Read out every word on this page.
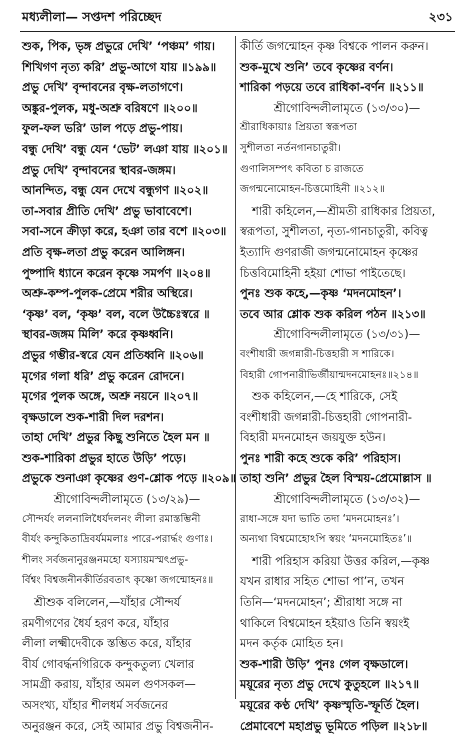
মধ্যলীলা— সপ্তদশ পরিচ্ছেদ	২৩১
শুক, পিক, ভৃঙ্গ প্রভুরে দেখি’ ‘পঞ্চম’ গায়।
শিখিগণ নৃত্য করি’ প্রভু-আগে যায় ॥১৯৯॥
প্রভু দেখি’ বৃন্দাবনের বৃক্ষ-লতাগণে।
অঙ্কুর-পুলক, মধু-অশ্রু বরিষণে ॥২০০॥
ফুল-ফল ভরি’ ডাল পড়ে প্রভু-পায়।
বন্ধু দেখি’ বন্ধু যেন ‘ভেট’ লঞা যায় ॥২০১॥
প্রভু দেখি’ বৃন্দাবনের স্থাবর-জঙ্গম।
আনন্দিত, বন্ধু যেন দেখে বন্ধুগণ ॥২০২॥
তা-সবার প্রীতি দেখি’ প্রভু ভাবাবেশে।
সবা-সনে ক্রীড়া করে, হঞা তার বশে ॥২০৩॥
প্রতি বৃক্ষ-লতা প্রভু করেন আলিঙ্গন।
পুষ্পাদি ধ্যানে করেন কৃষ্ণে সমর্পণ ॥২০৪॥
অশ্রু-কম্প-পুলক-প্রেমে শরীর অস্থিরে।
‘কৃষ্ণ’ বল, ‘কৃষ্ণ’ বল, বলে উচ্চৈঃস্বরে ॥
স্থাবর-জঙ্গম মিলি’ করে কৃষ্ণধ্বনি।
প্রভুর গম্ভীর-স্বরে যেন প্রতিধ্বনি ॥২০৬॥
মৃগের গলা ধরি’ প্রভু করেন রোদনে।
মৃগের পুলক অঙ্গে, অশ্রু নয়নে ॥২০৭॥
বৃক্ষডালে শুক-শারী দিল দরশন।
তাহা দেখি’ প্রভুর কিছু শুনিতে হৈল মন ॥
শুক-শারিকা প্রভুর হাতে উড়ি’ পড়ে।
প্রভুকে শুনাঞা কৃষ্ণের গুণ-শ্লোক পড়ে ॥২০৯॥
শ্রীগোবিন্দলীলামৃতে (১৩/২৯)—
সৌন্দর্যং ললনালিধৈর্যদলনং লীলা রমাস্তম্ভিনী
বীর্যং কন্দুকিতাদ্রিবর্যমমলাঃ পারে-পরার্দ্ধং গুণাঃ।
শীলং সর্বজনানুরঞ্জনমহো যস্যায়মস্মৎপ্রভু-
র্বিশ্বং বিশ্বজনীনকীর্তিরবতাৎ কৃষ্ণো জগন্মোহনঃ॥
শ্রীশুক বলিলেন,—যাঁহার সৌন্দর্য
রমণীগণের ধৈর্য হরণ করে, যাঁহার
লীলা লক্ষ্মীদেবীকে স্তম্ভিত করে, যাঁহার
বীর্য গোবর্দ্ধনগিরিকে কন্দুকতুল্য খেলার
সামগ্রী করায়, যাঁহার অমল গুণসকল—
অসংখ্য, যাঁহার শীলধর্ম সর্বজনের
অনুরঞ্জন করে, সেই আমার প্রভু বিশ্বজনীন-
কীর্তি জগন্মোহন কৃষ্ণ বিশ্বকে পালন করুন।
শুক-মুখে শুনি’ তবে কৃষ্ণের বর্ণন।
শারিকা পড়য়ে তবে রাধিকা-বর্ণন ॥২১১॥
শ্রীগোবিন্দলীলামৃতে (১৩/৩০)—
শ্রীরাধিকায়াঃ প্রিয়তা স্বরূপতা
সুশীলতা নর্তনগানচাতুরী।
গুণালিসম্পৎ কবিতা চ রাজতে
জগন্মনোমোহন-চিত্তমোহিনী ॥২১২॥
শারী কহিলেন,—শ্রীমতী রাধিকার প্রিয়তা,
স্বরূপতা, সুশীলতা, নৃত্য-গানচাতুরী, কবিত্ব
ইত্যাদি গুণরাজী জগন্মনোমোহন কৃষ্ণের
চিত্তবিমোহিনী হইয়া শোভা পাইতেছে।
পুনঃ শুক কহে,—কৃষ্ণ ‘মদনমোহন’।
তবে আর শ্লোক শুক করিল পঠন ॥২১৩॥
শ্রীগোবিন্দলীলামৃতে (১৩/৩১)—
বংশীধারী জগন্নারী-চিত্তহারী স শারিকে।
বিহারী গোপনারীভির্জীয়ান্মদনমোহনঃ॥২১৪॥
শুক কহিলেন,—হে শারিকে, সেই
বংশীধারী জগন্নারী-চিত্তহারী গোপনারী-
বিহারী মদনমোহন জয়যুক্ত হউন।
পুনঃ শারী কহে শুকে করি’ পরিহাস।
তাহা শুনি’ প্রভুর হৈল বিস্ময়-প্রেমোল্লাস ॥
শ্রীগোবিন্দলীলামৃতে (১৩/৩২)—
রাধা-সঙ্গে যদা ভাতি তদা ‘মদনমোহনঃ’।
অন্যথা বিশ্বমোহোঽপি স্বয়ং ‘মদনমোহিতঃ’॥
শারী পরিহাস করিয়া উত্তর করিল,—কৃষ্ণ
যখন রাধার সহিত শোভা পা’ন, তখন
তিনি—‘মদনমোহন’; শ্রীরাধা সঙ্গে না
থাকিলে বিশ্বমোহন হইয়াও তিনি স্বয়ংই
মদন কর্তৃক মোহিত হন।
শুক-শারী উড়ি’ পুনঃ গেল বৃক্ষডালে।
ময়ূরের নৃত্য প্রভু দেখে কুতুহলে ॥২১৭॥
ময়ূরের কণ্ঠ দেখি’ কৃষ্ণস্মৃতি-স্ফূর্তি হৈল।
প্রেমাবেশে মহাপ্রভু ভূমিতে পড়িল ॥২১৮॥
